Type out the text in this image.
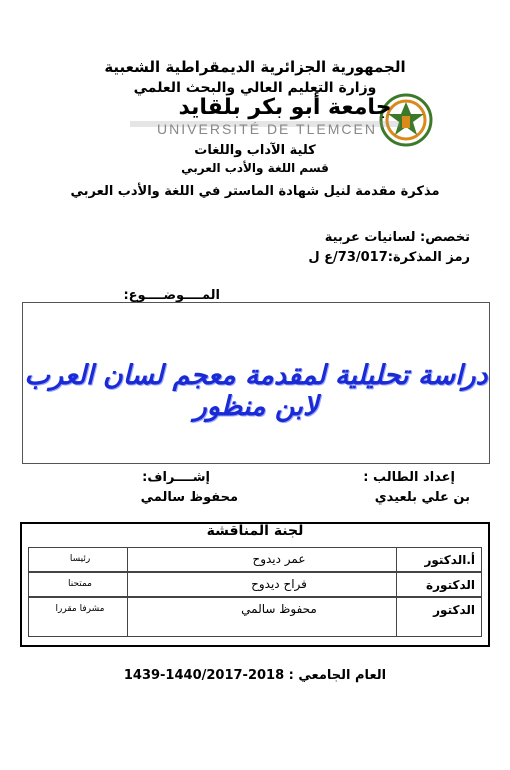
الجمهورية الجزائرية الديمقراطية الشعبية
وزارة التعليم العالي والبحث العلمي
جامعة أبو بكر بلقايد
UNIVERSITÉ DE TLEMCEN
كلية الآداب واللغات
قسم اللغة والأدب العربي
مذكرة مقدمة لنيل شهادة الماستر في اللغة والأدب العربي
تخصص: لسانيات عربية
رمز المذكرة:73/017/ع ل
المــــوضــــوع:
دراسة تحليلية لمقدمة معجم لسان العرب لابن منظور
إعداد الطالب :
بن علي بلعيدي
إشــــراف:
محفوظ سالمي
لجنة المناقشة
أ.الدكتور
عمر ديدوح
رئيسا
الدكتورة
فراح ديدوح
ممتحنا
الدكتور
محفوظ سالمي
مشرفا مقررا
1439-1440/2017-2018 العام الجامعي :
